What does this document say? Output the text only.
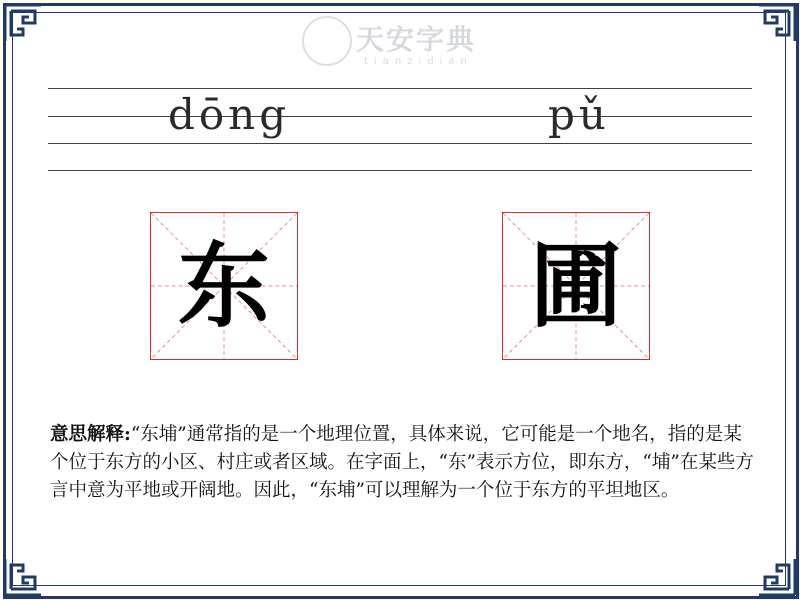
天安字典
tianzidian
dōng	pǔ
东	圃
意思解释:“东埔”通常指的是一个地理位置，具体来说，它可能是一个地名，指的是某个位于东方的小区、村庄或者区域。在字面上，“东”表示方位，即东方，“埔”在某些方言中意为平地或开阔地。因此，“东埔”可以理解为一个位于东方的平坦地区。
